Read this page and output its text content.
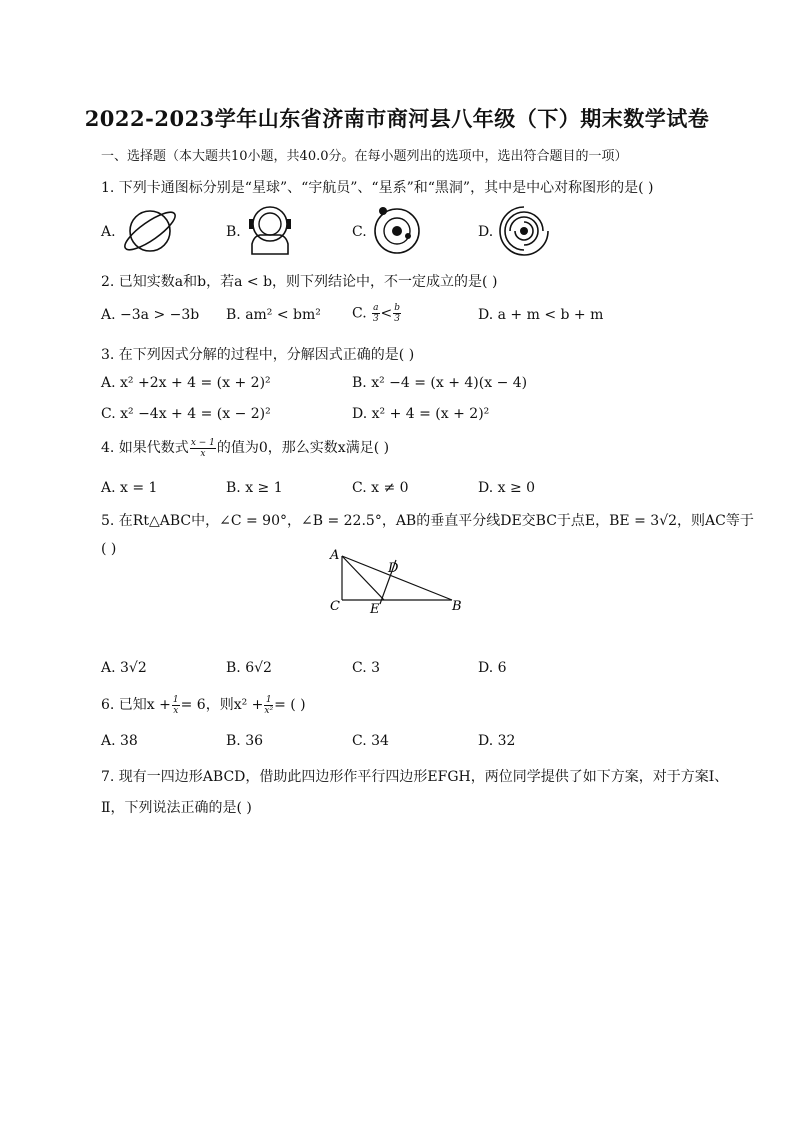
2022-2023学年山东省济南市商河县八年级（下）期末数学试卷
一、选择题（本大题共10小题，共40.0分。在每小题列出的选项中，选出符合题目的一项）
1. 下列卡通图标分别是“星球”、“宇航员”、“星系”和“黑洞”，其中是中心对称图形的是( )
A.	B.	C.	D.
2. 已知实数a和b，若a < b，则下列结论中，不一定成立的是( )
A. −3a > −3b B. am² < bm² C. $\frac{a}{3} < \frac{b}{3}$	D. a + m < b + m
3. 在下列因式分解的过程中，分解因式正确的是( )
A. x² +2x + 4 = (x + 2)²	B. x² −4 = (x + 4)(x − 4)
C. x² −4x + 4 = (x − 2)²	D. x² + 4 = (x + 2)²
4. 如果代数式 $\frac{x - 1}{x}$ 的值为0，那么实数x满足( )
A. x = 1	B. x ≥ 1	C. x ≠ 0	D. x ≥ 0
5. 在Rt△ABC中，∠C = 90°，∠B = 22.5°，AB的垂直平分线DE交BC于点E，BE = 3√2，则AC等于
( )	A
D
C E	B
A. 3√2	B. 6√2	C. 3	D. 6
6. 已知$x + \frac{1}{x} = 6$，则$x^2 + \frac{1}{\text{x²}}$ = ( )
A. 38	B. 36	C. 34	D. 32
7. 现有一四边形ABCD，借助此四边形作平行四边形EFGH，两位同学提供了如下方案，对于方案Ⅰ、
Ⅱ，下列说法正确的是( )
